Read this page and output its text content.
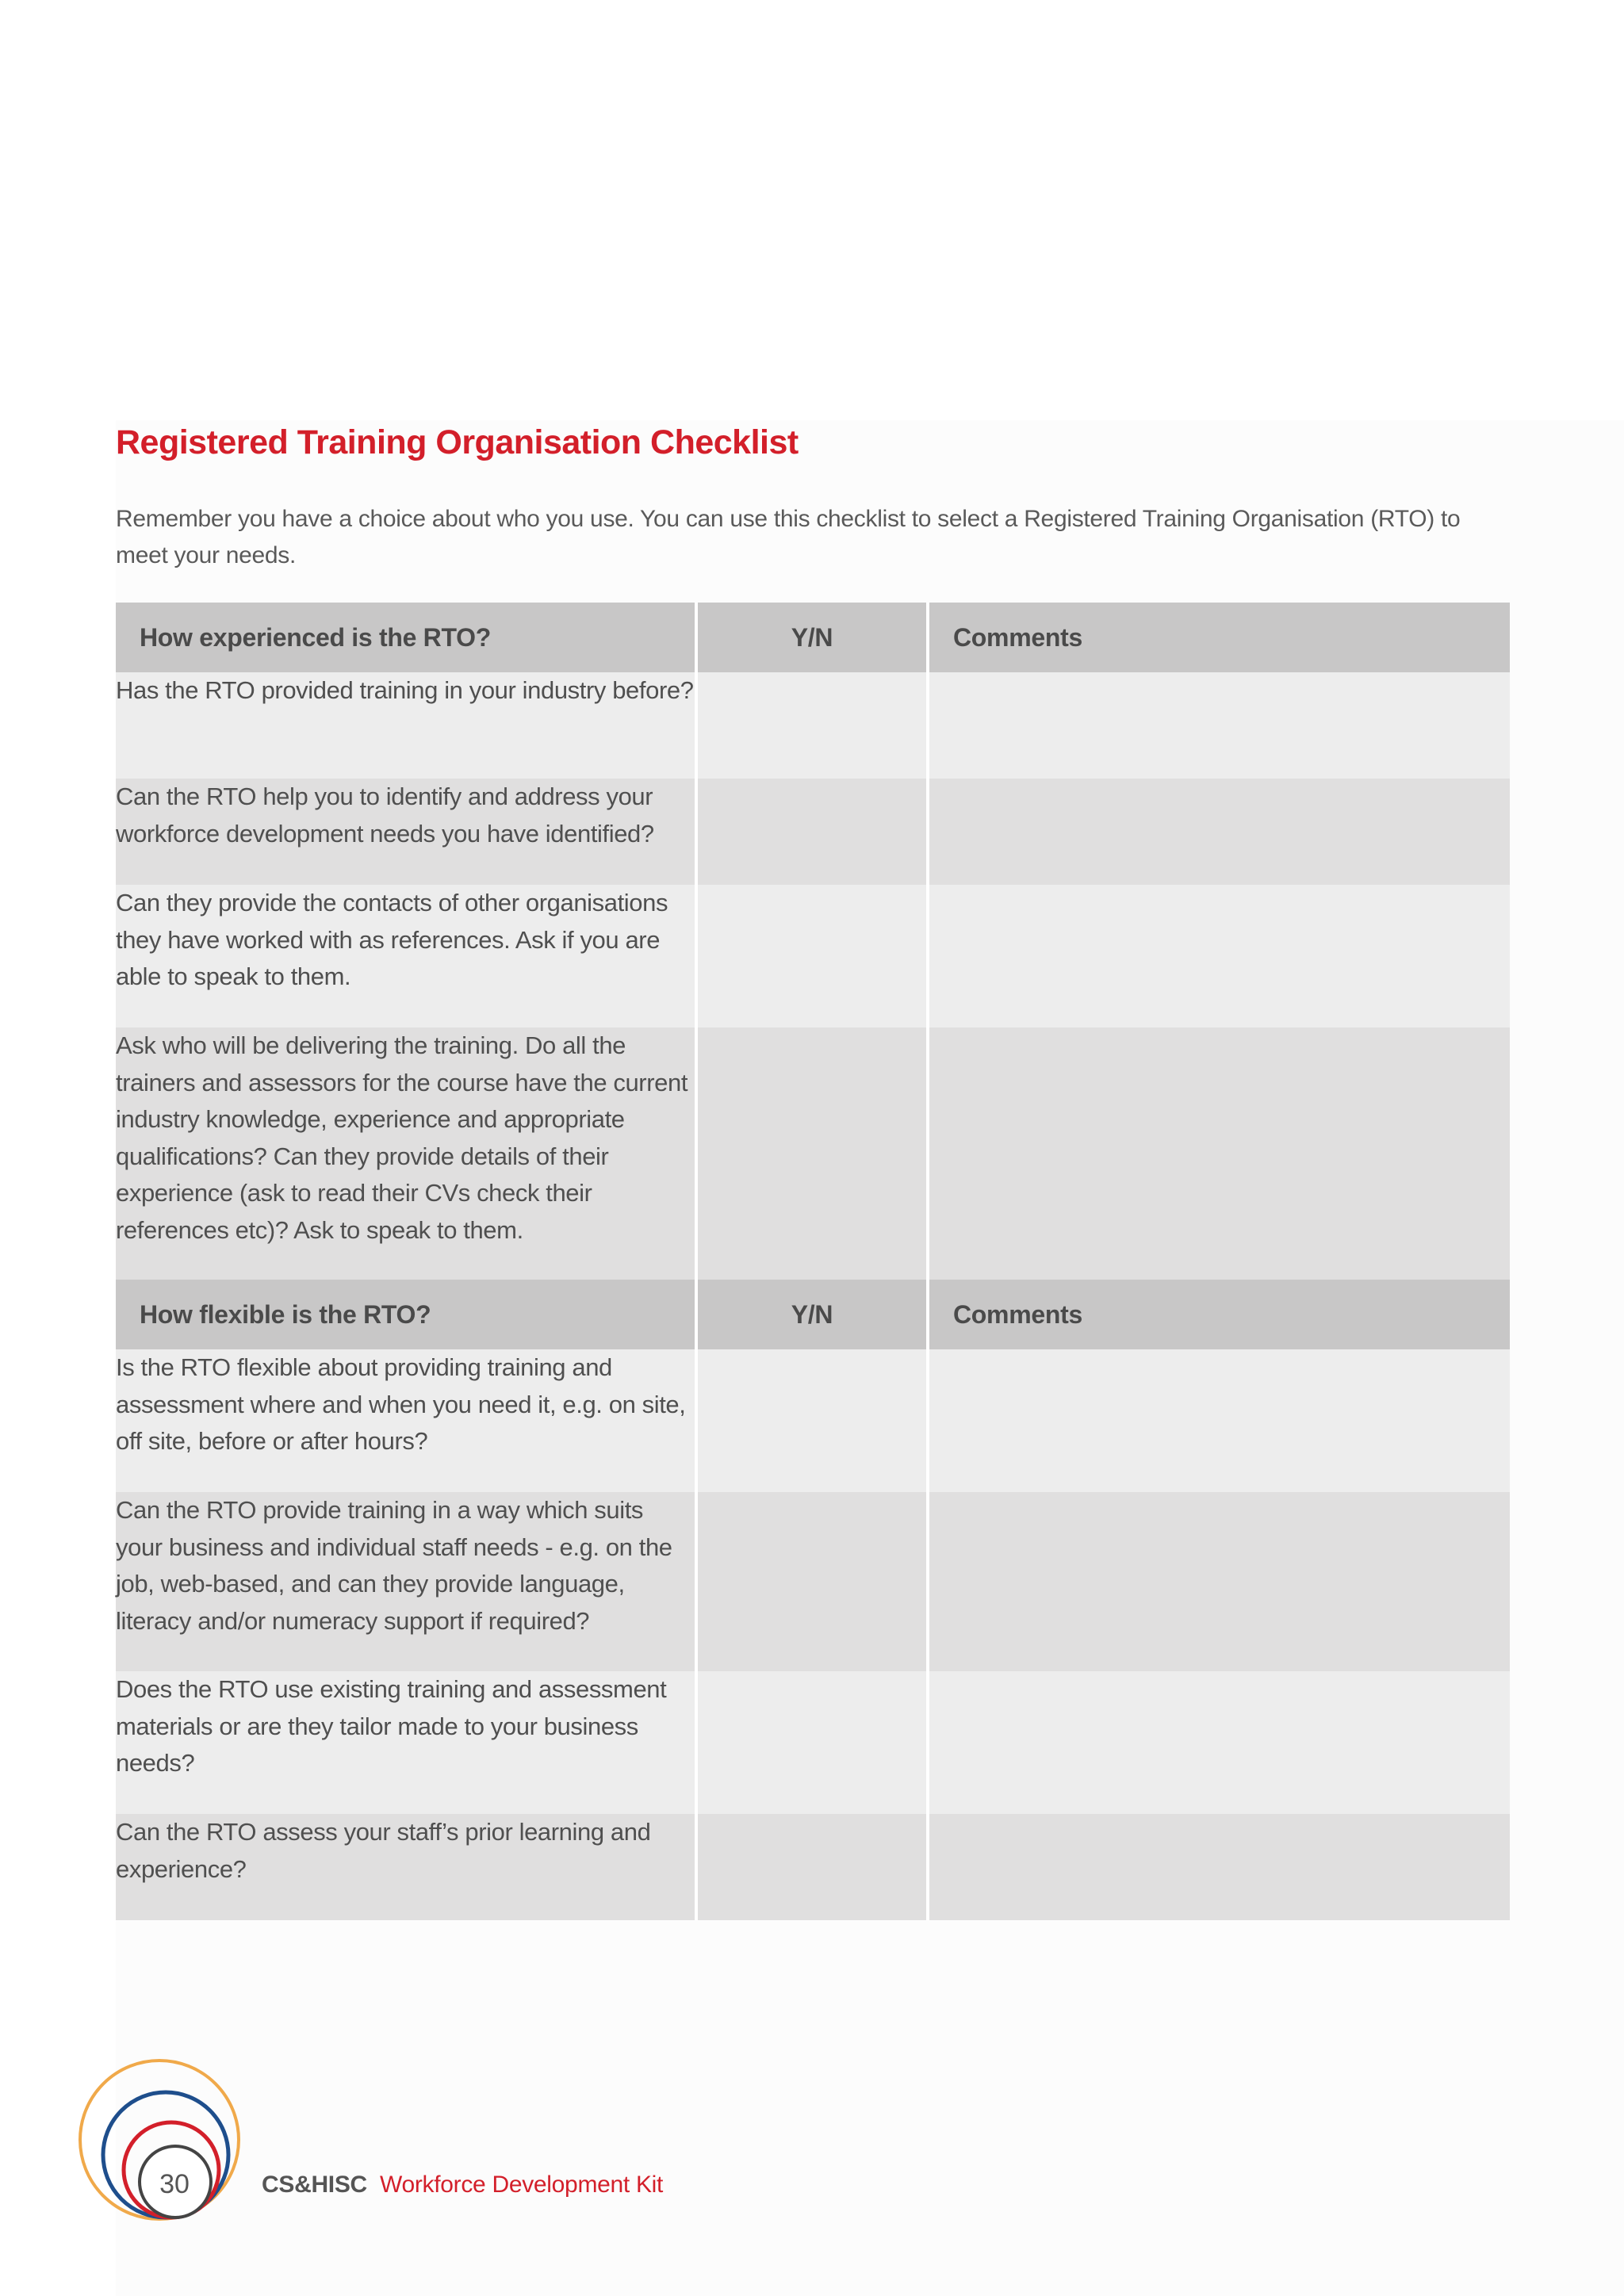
Registered Training Organisation Checklist

Remember you have a choice about who you use. You can use this checklist to select a Registered Training Organisation (RTO) to meet your needs.

How experienced is the RTO?	Y/N	Comments
Has the RTO provided training in your industry before?		
Can the RTO help you to identify and address your workforce development needs you have identified?		
Can they provide the contacts of other organisations they have worked with as references. Ask if you are able to speak to them.		
Ask who will be delivering the training. Do all the trainers and assessors for the course have the current industry knowledge, experience and appropriate qualifications? Can they provide details of their experience (ask to read their CVs check their references etc)? Ask to speak to them.		
How flexible is the RTO?	Y/N	Comments
Is the RTO flexible about providing training and assessment where and when you need it, e.g. on site, off site, before or after hours?		
Can the RTO provide training in a way which suits your business and individual staff needs - e.g. on the job, web-based, and can they provide language, literacy and/or numeracy support if required?		
Does the RTO use existing training and assessment materials or are they tailor made to your business needs?		
Can the RTO assess your staff’s prior learning and experience?		
30	CS&HISC Workforce Development Kit
